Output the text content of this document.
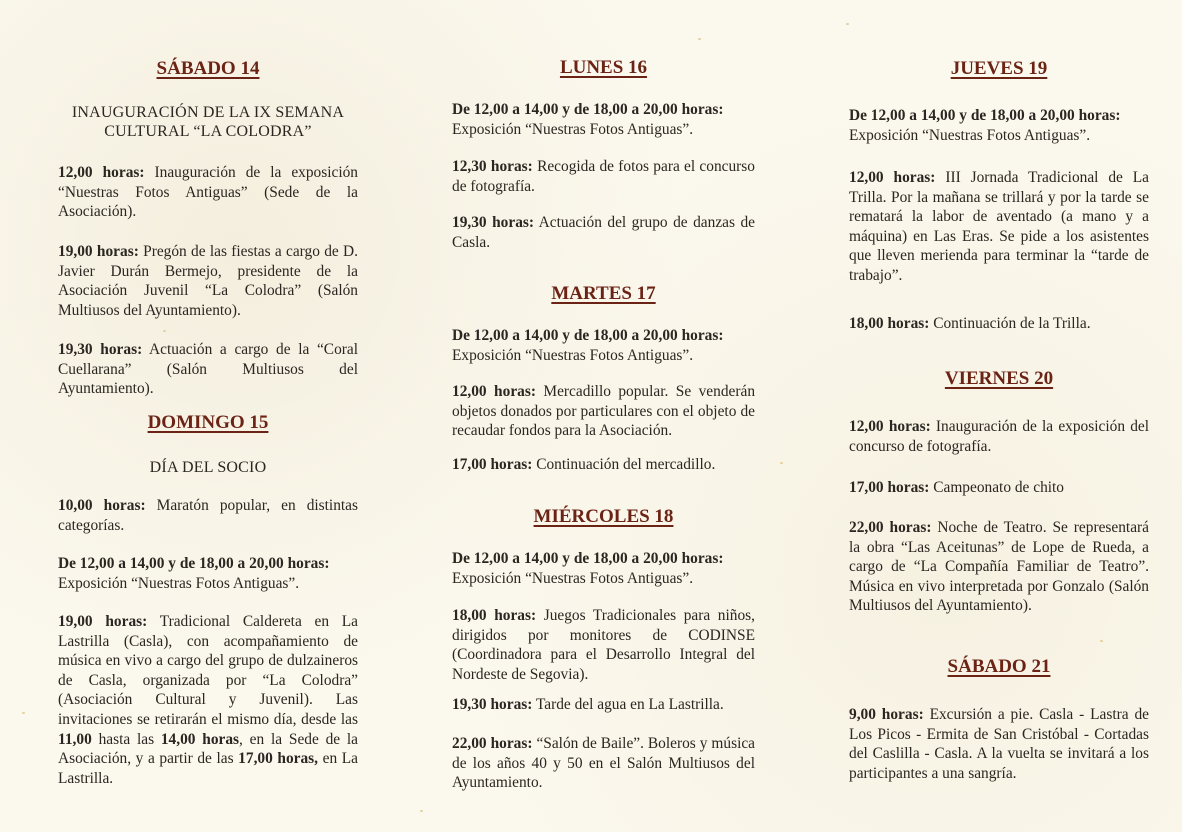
SÁBADO 14

INAUGURACIÓN DE LA IX SEMANA

CULTURAL “LA COLODRA”

12,00 horas: Inauguración de la exposición “Nuestras Fotos Antiguas” (Sede de la Asociación).

19,00 horas: Pregón de las fiestas a cargo de D. Javier Durán Bermejo, presidente de la Asociación Juvenil “La Colodra” (Salón Multiusos del Ayuntamiento).

19,30 horas: Actuación a cargo de la “Coral Cuellarana” (Salón Multiusos del Ayuntamiento).

DOMINGO 15

DÍA DEL SOCIO

10,00 horas: Maratón popular, en distintas categorías.

De 12,00 a 14,00 y de 18,00 a 20,00 horas: Exposición “Nuestras Fotos Antiguas”.

19,00 horas: Tradicional Caldereta en La Lastrilla (Casla), con acompañamiento de música en vivo a cargo del grupo de dulzaineros de Casla, organizada por “La Colodra” (Asociación Cultural y Juvenil). Las invitaciones se retirarán el mismo día, desde las 11,00 hasta las 14,00 horas, en la Sede de la Asociación, y a partir de las 17,00 horas, en La Lastrilla.

LUNES 16

De 12,00 a 14,00 y de 18,00 a 20,00 horas: Exposición “Nuestras Fotos Antiguas”.

12,30 horas: Recogida de fotos para el concurso de fotografía.

19,30 horas: Actuación del grupo de danzas de Casla.

MARTES 17

De 12,00 a 14,00 y de 18,00 a 20,00 horas: Exposición “Nuestras Fotos Antiguas”.

12,00 horas: Mercadillo popular. Se venderán objetos donados por particulares con el objeto de recaudar fondos para la Asociación.

17,00 horas: Continuación del mercadillo.

MIÉRCOLES 18

De 12,00 a 14,00 y de 18,00 a 20,00 horas: Exposición “Nuestras Fotos Antiguas”.

18,00 horas: Juegos Tradicionales para niños, dirigidos por monitores de CODINSE (Coordinadora para el Desarrollo Integral del Nordeste de Segovia).

19,30 horas: Tarde del agua en La Lastrilla.

22,00 horas: “Salón de Baile”. Boleros y música de los años 40 y 50 en el Salón Multiusos del Ayuntamiento.

JUEVES 19

De 12,00 a 14,00 y de 18,00 a 20,00 horas: Exposición “Nuestras Fotos Antiguas”.

12,00 horas: III Jornada Tradicional de La Trilla. Por la mañana se trillará y por la tarde se rematará la labor de aventado (a mano y a máquina) en Las Eras. Se pide a los asistentes que lleven merienda para terminar la “tarde de trabajo”.

18,00 horas: Continuación de la Trilla.

VIERNES 20

12,00 horas: Inauguración de la exposición del concurso de fotografía.

17,00 horas: Campeonato de chito

22,00 horas: Noche de Teatro. Se representará la obra “Las Aceitunas” de Lope de Rueda, a cargo de “La Compañía Familiar de Teatro”. Música en vivo interpretada por Gonzalo (Salón Multiusos del Ayuntamiento).

SÁBADO 21

9,00 horas: Excursión a pie. Casla - Lastra de Los Picos - Ermita de San Cristóbal - Cortadas del Caslilla - Casla. A la vuelta se invitará a los participantes a una sangría.
